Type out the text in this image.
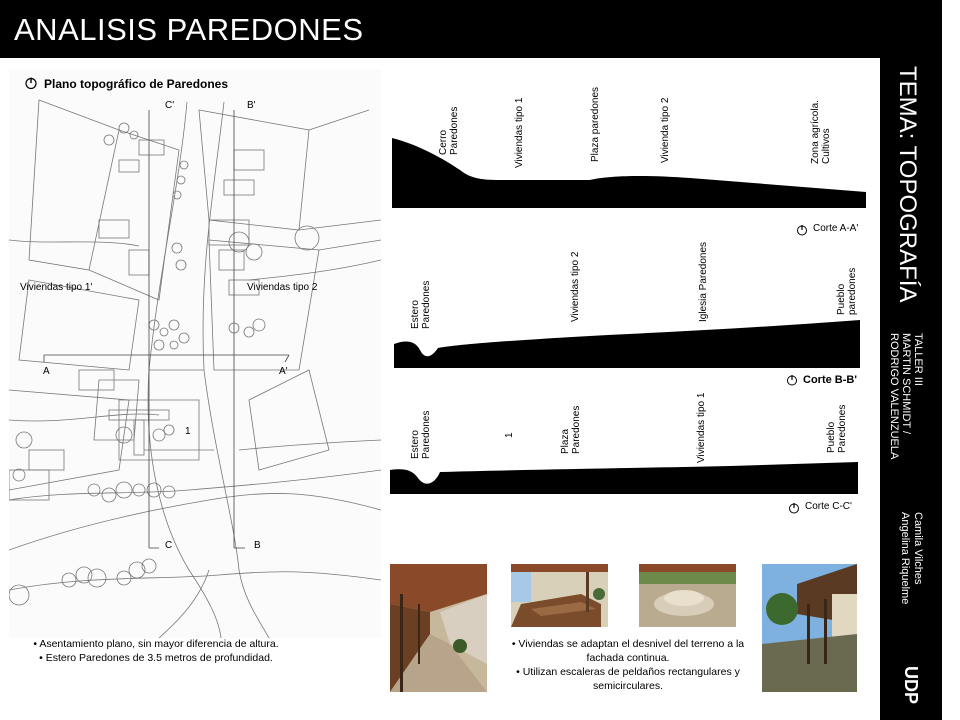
ANALISIS PAREDONES
TEMA: TOPOGRAFÍA
TALLER III
MARTIN SCHMIDT /
RODRIGO VALENZUELA
Camila Vilches
Angelina Riquelme
UDP
Plano topográfico de Paredones
C'	B'
Viviendas tipo 1'	Viviendas tipo 2
A	A'
1
C	B
Cerro
Paredones	Viviendas tipo 1	Plaza paredones	Vivienda tipo 2	Zona agrícola.
Cultivos
Corte A-A'
Estero
Paredones	Viviendas tipo 2	Iglesia Paredones	Pueblo
paredones
Corte B-B'
Estero
Paredones	1	Plaza
Paredones	Viviendas tipo 1	Pueblo
Paredones
Corte C-C'
• Asentamiento plano, sin mayor diferencia de altura.
• Estero Paredones de 3.5 metros de profundidad.
• Viviendas se adaptan el desnivel del terreno a la fachada continua.
• Utilizan escaleras de peldaños rectangulares y semicirculares.
